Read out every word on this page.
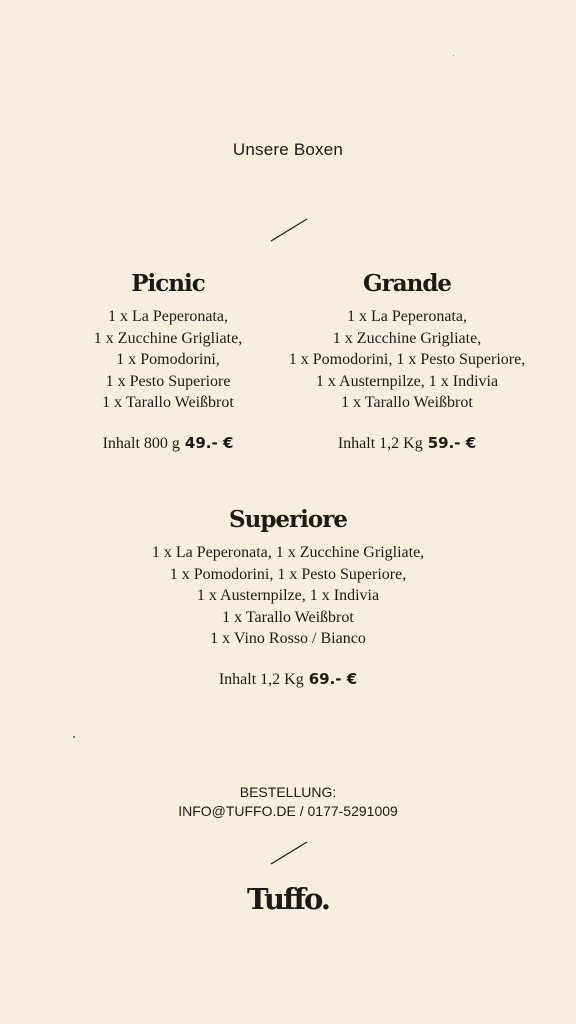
Unsere Boxen
Picnic
1 x La Peperonata,
1 x Zucchine Grigliate,
1 x Pomodorini,
1 x Pesto Superiore
1 x Tarallo Weißbrot
Inhalt 800 g 49.- €
Grande
1 x La Peperonata,
1 x Zucchine Grigliate,
1 x Pomodorini, 1 x Pesto Superiore,
1 x Austernpilze, 1 x Indivia
1 x Tarallo Weißbrot
Inhalt 1,2 Kg 59.- €
Superiore
1 x La Peperonata, 1 x Zucchine Grigliate,
1 x Pomodorini, 1 x Pesto Superiore,
1 x Austernpilze, 1 x Indivia
1 x Tarallo Weißbrot
1 x Vino Rosso / Bianco
Inhalt 1,2 Kg 69.- €
BESTELLUNG:
INFO@TUFFO.DE / 0177-5291009
Tuffo.
